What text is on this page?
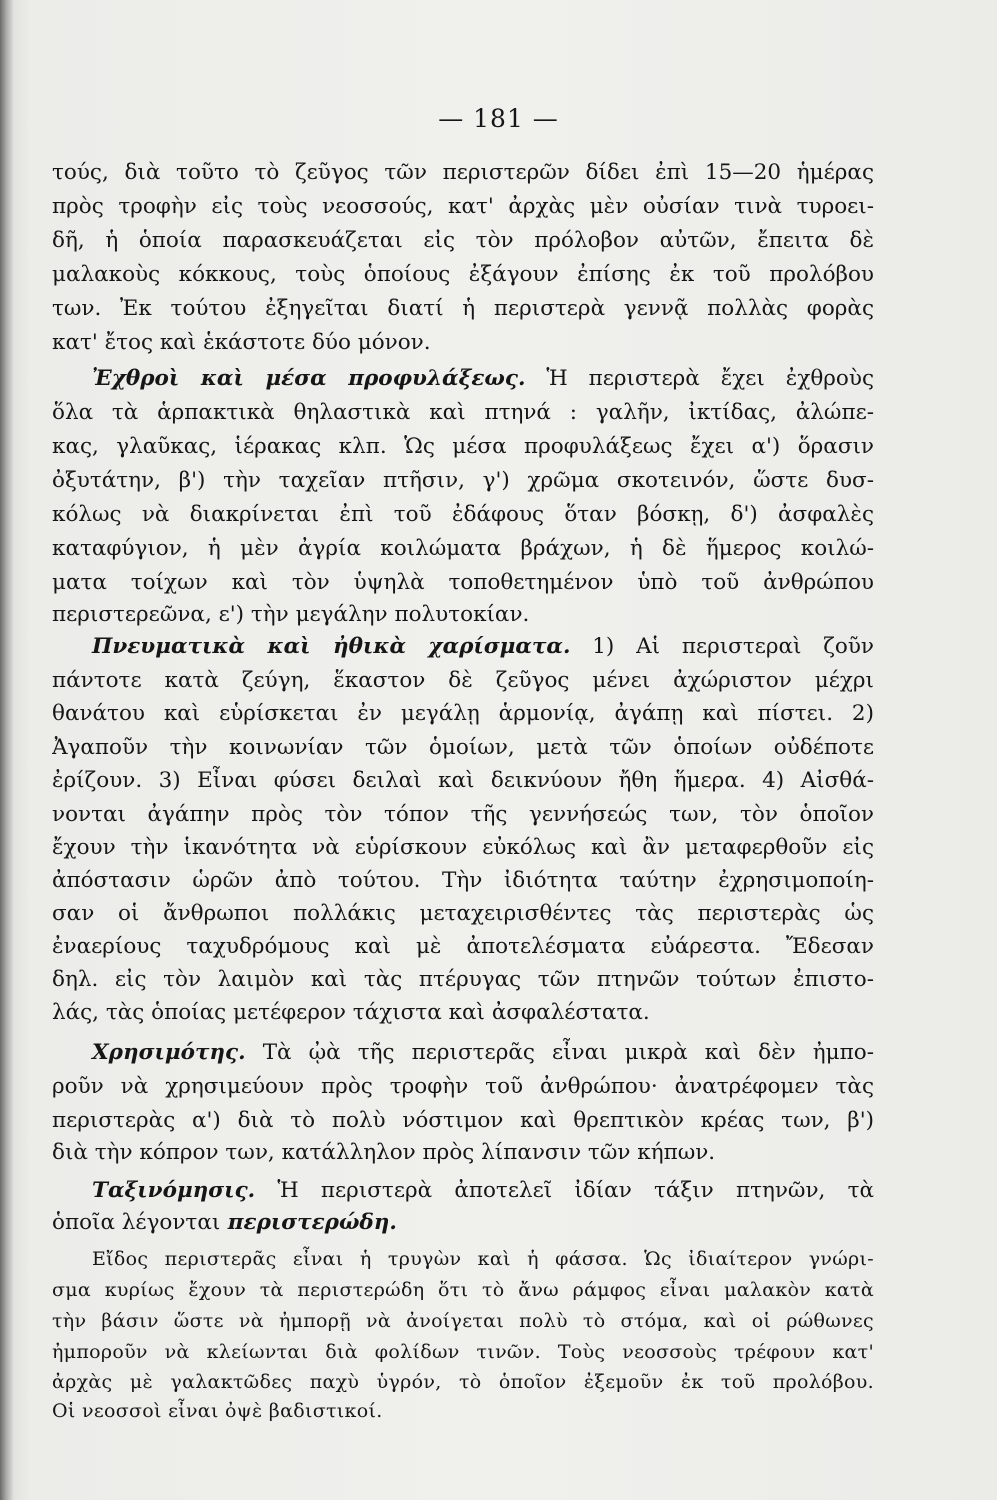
— 181 —
τούς, διὰ τοῦτο τὸ ζεῦγος τῶν περιστερῶν δίδει ἐπὶ 15—20 ἡμέρας
πρὸς τροφὴν εἰς τοὺς νεοσσούς, κατ' ἀρχὰς μὲν οὐσίαν τινὰ τυροει-
δῆ, ἡ ὁποία παρασκευάζεται εἰς τὸν πρόλοβον αὐτῶν, ἔπειτα δὲ
μαλακοὺς κόκκους, τοὺς ὁποίους ἐξάγουν ἐπίσης ἐκ τοῦ προλόβου
των. Ἐκ τούτου ἐξηγεῖται διατί ἡ περιστερὰ γεννᾷ πολλὰς φορὰς
κατ' ἔτος καὶ ἑκάστοτε δύο μόνον.
Ἐχθροὶ καὶ μέσα προφυλάξεως. Ἡ περιστερὰ ἔχει ἐχθροὺς
ὅλα τὰ ἁρπακτικὰ θηλαστικὰ καὶ πτηνά : γαλῆν, ἰκτίδας, ἀλώπε-
κας, γλαῦκας, ἱέρακας κλπ. Ὡς μέσα προφυλάξεως ἔχει α') ὅρασιν
ὀξυτάτην, β') τὴν ταχεῖαν πτῆσιν, γ') χρῶμα σκοτεινόν, ὥστε δυσ-
κόλως νὰ διακρίνεται ἐπὶ τοῦ ἐδάφους ὅταν βόσκῃ, δ') ἀσφαλὲς
καταφύγιον, ἡ μὲν ἀγρία κοιλώματα βράχων, ἡ δὲ ἥμερος κοιλώ-
ματα τοίχων καὶ τὸν ὑψηλὰ τοποθετημένον ὑπὸ τοῦ ἀνθρώπου
περιστερεῶνα, ε') τὴν μεγάλην πολυτοκίαν.
Πνευματικὰ καὶ ἠθικὰ χαρίσματα. 1) Αἱ περιστεραὶ ζοῦν
πάντοτε κατὰ ζεύγη, ἕκαστον δὲ ζεῦγος μένει ἀχώριστον μέχρι
θανάτου καὶ εὑρίσκεται ἐν μεγάλῃ ἁρμονίᾳ, ἀγάπῃ καὶ πίστει. 2)
Ἀγαποῦν τὴν κοινωνίαν τῶν ὁμοίων, μετὰ τῶν ὁποίων οὐδέποτε
ἐρίζουν. 3) Εἶναι φύσει δειλαὶ καὶ δεικνύουν ἤθη ἥμερα. 4) Αἰσθά-
νονται ἀγάπην πρὸς τὸν τόπον τῆς γεννήσεώς των, τὸν ὁποῖον
ἔχουν τὴν ἱκανότητα νὰ εὑρίσκουν εὐκόλως καὶ ἂν μεταφερθοῦν εἰς
ἀπόστασιν ὡρῶν ἀπὸ τούτου. Τὴν ἰδιότητα ταύτην ἐχρησιμοποίη-
σαν οἱ ἄνθρωποι πολλάκις μεταχειρισθέντες τὰς περιστερὰς ὡς
ἐναερίους ταχυδρόμους καὶ μὲ ἀποτελέσματα εὐάρεστα. Ἔδεσαν
δηλ. εἰς τὸν λαιμὸν καὶ τὰς πτέρυγας τῶν πτηνῶν τούτων ἐπιστο-
λάς, τὰς ὁποίας μετέφερον τάχιστα καὶ ἀσφαλέστατα.
Χρησιμότης. Τὰ ᾠὰ τῆς περιστερᾶς εἶναι μικρὰ καὶ δὲν ἠμπο-
ροῦν νὰ χρησιμεύουν πρὸς τροφὴν τοῦ ἀνθρώπου· ἀνατρέφομεν τὰς
περιστερὰς α') διὰ τὸ πολὺ νόστιμον καὶ θρεπτικὸν κρέας των, β')
διὰ τὴν κόπρον των, κατάλληλον πρὸς λίπανσιν τῶν κήπων.
Ταξινόμησις. Ἡ περιστερὰ ἀποτελεῖ ἰδίαν τάξιν πτηνῶν, τὰ
ὁποῖα λέγονται περιστερώδη.
Εἴδος περιστερᾶς εἶναι ἡ τρυγὼν καὶ ἡ φάσσα. Ὡς ἰδιαίτερον γνώρι-
σμα κυρίως ἔχουν τὰ περιστερώδη ὅτι τὸ ἄνω ράμφος εἶναι μαλακὸν κατὰ
τὴν βάσιν ὥστε νὰ ἠμπορῇ νὰ ἀνοίγεται πολὺ τὸ στόμα, καὶ οἱ ρώθωνες
ἠμποροῦν νὰ κλείωνται διὰ φολίδων τινῶν. Τοὺς νεοσσοὺς τρέφουν κατ'
ἀρχὰς μὲ γαλακτῶδες παχὺ ὑγρόν, τὸ ὁποῖον ἐξεμοῦν ἐκ τοῦ προλόβου.
Οἱ νεοσσοὶ εἶναι ὀψὲ βαδιστικοί.
